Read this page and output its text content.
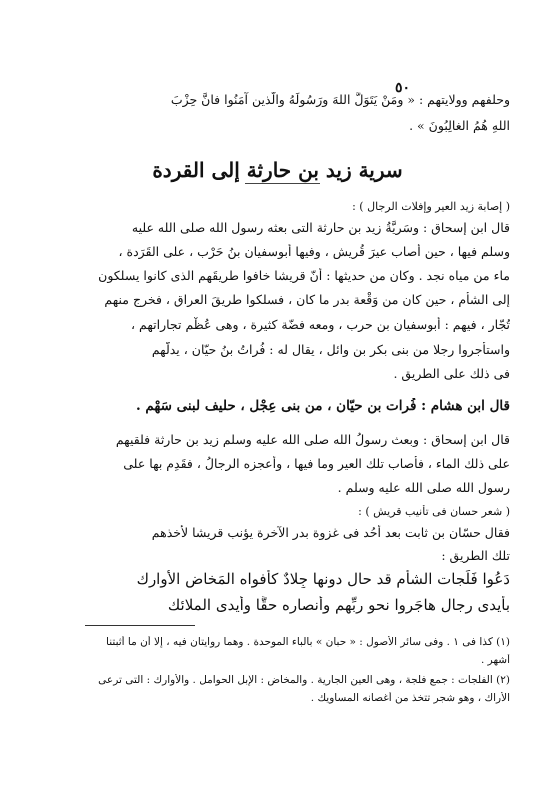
٥٠
وحلفهم وولايتهم : « ومَنْ يَتَوَلَّ اللهَ ورَسُولَهُ والَّذين آمَنُوا فانَّ حِزْبَ
اللهِ هُمُ الغالِبُونَ » .
سرية زيد بن حارثة إلى القردة
( إصابة زيد العير وإفلات الرجال ) :
قال ابن إسحاق : وسَرِيَّةُ زيد بن حارثة التى بعثه رسول الله صلى الله عليه
وسلم فيها ، حين أصاب عيرَ قُريش ، وفيها أبوسفيان بنُ حَرْب ، على القَرَدة ،
ماء من مياه نجد . وكان من حديثها : أنّ قريشا خافوا طريقَهم الذى كانوا يسلكون
إلى الشأم ، حين كان من وَقْعة بدر ما كان ، فسلكوا طريقَ العراق ، فخرج منهم
تُجّار ، فيهم : أبوسفيان بن حرب ، ومعه فضّة كثيرة ، وهى عُظْم تجاراتهم ،
واستأجروا رجلا من بنى بكر بن وائل ، يقال له : فُراتُ بنُ حيّان ، يدلُّهم
فى ذلك على الطريق .
قال ابن هشام : فُرات بن حيّان ، من بنى عِجْل ، حليف لبنى سَهْم .
قال ابن إسحاق : وبعث رسولُ الله صلى الله عليه وسلم زيد بن حارثة فلقيهم
على ذلك الماء ، فأصاب تلك العير وما فيها ، وأعجزه الرجالُ ، فقَدِم بها على
رسول الله صلى الله عليه وسلم .
( شعر حسان فى تأنيب قريش ) :
فقال حسّان بن ثابت بعد أُحُد فى غزوة بدر الآخرة يؤنب قريشا لأخذهم
تلك الطريق :
دَعُوا فَلَجات الشأم قد حال دونها جِلادٌ كأفواه المَخاض الأوارك
بأيدى رجال هاجَروا نحو ربِّهم وأنصاره حقًّا وأيدى الملائك
(١) كذا فى ١ . وفى سائر الأصول : « حبان » بالباء الموحدة . وهما روايتان فيه ، إلا أن ما أثبتنا
أشهر .
(٢) الفلجات : جمع فلجة ، وهى العين الجارية . والمخاض : الإبل الحوامل . والأوارك : التى ترعى
الأراك ، وهو شجر تتخذ من أغصانه المساويك .
